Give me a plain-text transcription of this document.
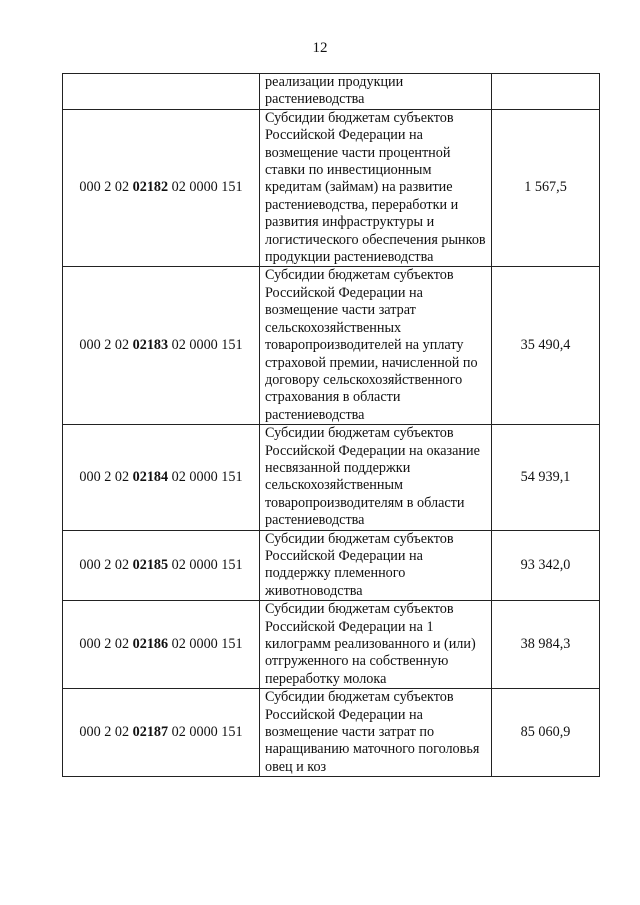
12
	реализации продукции растениеводства	
000 2 02 02182 02 0000 151	Субсидии бюджетам субъектов Российской Федерации на возмещение части процентной ставки по инвестиционным кредитам (займам) на развитие растениеводства, переработки и развития инфраструктуры и логистического обеспечения рынков продукции растениеводства	1 567,5
000 2 02 02183 02 0000 151	Субсидии бюджетам субъектов Российской Федерации на возмещение части затрат сельскохозяйственных товаропроизводителей на уплату страховой премии, начисленной по договору сельскохозяйственного страхования в области растениеводства	35 490,4
000 2 02 02184 02 0000 151	Субсидии бюджетам субъектов Российской Федерации на оказание несвязанной поддержки сельскохозяйственным товаропроизводителям в области растениеводства	54 939,1
000 2 02 02185 02 0000 151	Субсидии бюджетам субъектов Российской Федерации на поддержку племенного животноводства	93 342,0
000 2 02 02186 02 0000 151	Субсидии бюджетам субъектов Российской Федерации на 1 килограмм реализованного и (или) отгруженного на собственную переработку молока	38 984,3
000 2 02 02187 02 0000 151	Субсидии бюджетам субъектов Российской Федерации на возмещение части затрат по наращиванию маточного поголовья овец и коз	85 060,9
